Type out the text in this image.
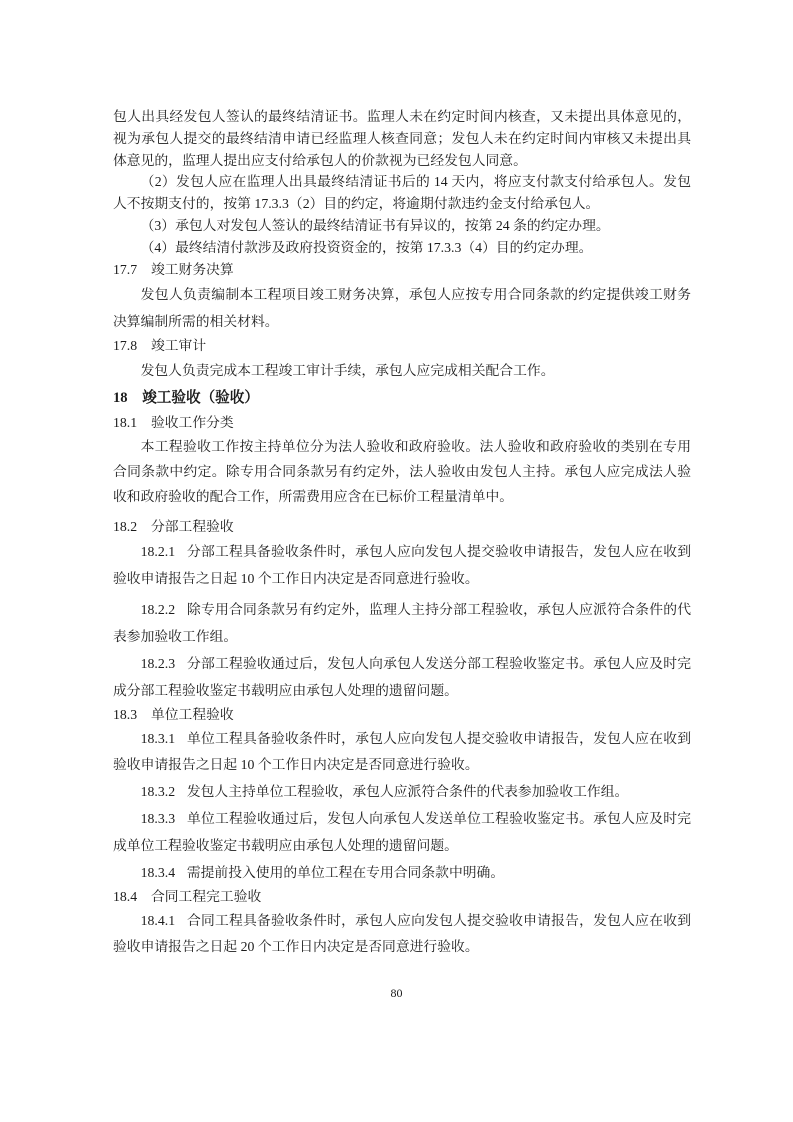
包人出具经发包人签认的最终结清证书。监理人未在约定时间内核查，又未提出具体意见的，视为承包人提交的最终结清申请已经监理人核查同意；发包人未在约定时间内审核又未提出具体意见的，监理人提出应支付给承包人的价款视为已经发包人同意。

（2）发包人应在监理人出具最终结清证书后的 14 天内，将应支付款支付给承包人。发包人不按期支付的，按第 17.3.3（2）目的约定，将逾期付款违约金支付给承包人。

（3）承包人对发包人签认的最终结清证书有异议的，按第 24 条的约定办理。

（4）最终结清付款涉及政府投资资金的，按第 17.3.3（4）目的约定办理。

17.7 竣工财务决算

发包人负责编制本工程项目竣工财务决算，承包人应按专用合同条款的约定提供竣工财务决算编制所需的相关材料。

17.8 竣工审计

发包人负责完成本工程竣工审计手续，承包人应完成相关配合工作。

18 竣工验收（验收）
18.1 验收工作分类

本工程验收工作按主持单位分为法人验收和政府验收。法人验收和政府验收的类别在专用合同条款中约定。除专用合同条款另有约定外，法人验收由发包人主持。承包人应完成法人验收和政府验收的配合工作，所需费用应含在已标价工程量清单中。

18.2 分部工程验收

18.2.1 分部工程具备验收条件时，承包人应向发包人提交验收申请报告，发包人应在收到验收申请报告之日起 10 个工作日内决定是否同意进行验收。

18.2.2 除专用合同条款另有约定外，监理人主持分部工程验收，承包人应派符合条件的代表参加验收工作组。

18.2.3 分部工程验收通过后，发包人向承包人发送分部工程验收鉴定书。承包人应及时完成分部工程验收鉴定书载明应由承包人处理的遗留问题。

18.3 单位工程验收

18.3.1 单位工程具备验收条件时，承包人应向发包人提交验收申请报告，发包人应在收到验收申请报告之日起 10 个工作日内决定是否同意进行验收。

18.3.2 发包人主持单位工程验收，承包人应派符合条件的代表参加验收工作组。

18.3.3 单位工程验收通过后，发包人向承包人发送单位工程验收鉴定书。承包人应及时完成单位工程验收鉴定书载明应由承包人处理的遗留问题。

18.3.4 需提前投入使用的单位工程在专用合同条款中明确。

18.4 合同工程完工验收

18.4.1 合同工程具备验收条件时，承包人应向发包人提交验收申请报告，发包人应在收到验收申请报告之日起 20 个工作日内决定是否同意进行验收。

80
